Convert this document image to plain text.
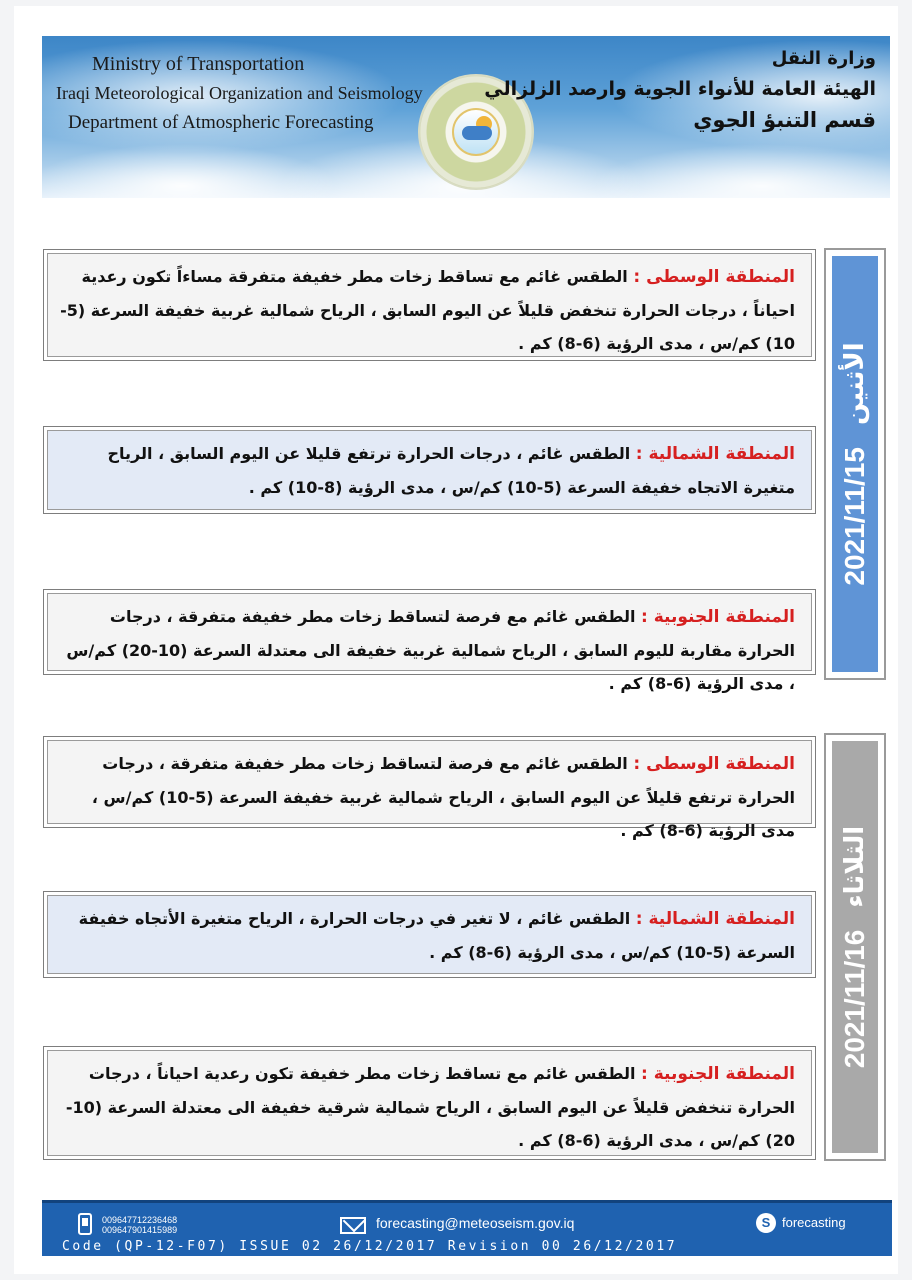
Ministry of Transportation
Iraqi Meteorological Organization and Seismology
Department of Atmospheric Forecasting
وزارة النقل
الهيئة العامة للأنواء الجوية وارصد الزلزالي
قسم التنبؤ الجوي
2021/11/15
الأثنين
2021/11/16
الثلاثاء
المنطقة الوسطى : الطقس غائم مع تساقط زخات مطر خفيفة متفرقة مساءاً تكون رعدية احياناً ، درجات الحرارة تنخفض قليلاً عن اليوم السابق ، الرياح شمالية غربية خفيفة السرعة (5-10) كم/س ، مدى الرؤية (6-8) كم .
المنطقة الشمالية : الطقس غائم ، درجات الحرارة ترتفع قليلا عن اليوم السابق ، الرياح متغيرة الاتجاه خفيفة السرعة (5-10) كم/س ، مدى الرؤية (8-10) كم .
المنطقة الجنوبية : الطقس غائم مع فرصة لتساقط زخات مطر خفيفة متفرقة ، درجات الحرارة مقاربة لليوم السابق ، الرياح شمالية غربية خفيفة الى معتدلة السرعة (10-20) كم/س ، مدى الرؤية (6-8) كم .
المنطقة الوسطى : الطقس غائم مع فرصة لتساقط زخات مطر خفيفة متفرقة ، درجات الحرارة ترتفع قليلاً عن اليوم السابق ، الرياح شمالية غربية خفيفة السرعة (5-10) كم/س ، مدى الرؤية (6-8) كم .
المنطقة الشمالية : الطقس غائم ، لا تغير في درجات الحرارة ، الرياح متغيرة الأتجاه خفيفة السرعة (5-10) كم/س ، مدى الرؤية (6-8) كم .
المنطقة الجنوبية : الطقس غائم مع تساقط زخات مطر خفيفة تكون رعدية احياناً ، درجات الحرارة تنخفض قليلاً عن اليوم السابق ، الرياح شمالية شرقية خفيفة الى معتدلة السرعة (10-20) كم/س ، مدى الرؤية (6-8) كم .
009647712236468
009647901415989	forecasting@meteoseism.gov.iq	S forecasting
Code (QP-12-F07) ISSUE 02 26/12/2017 Revision 00 26/12/2017
